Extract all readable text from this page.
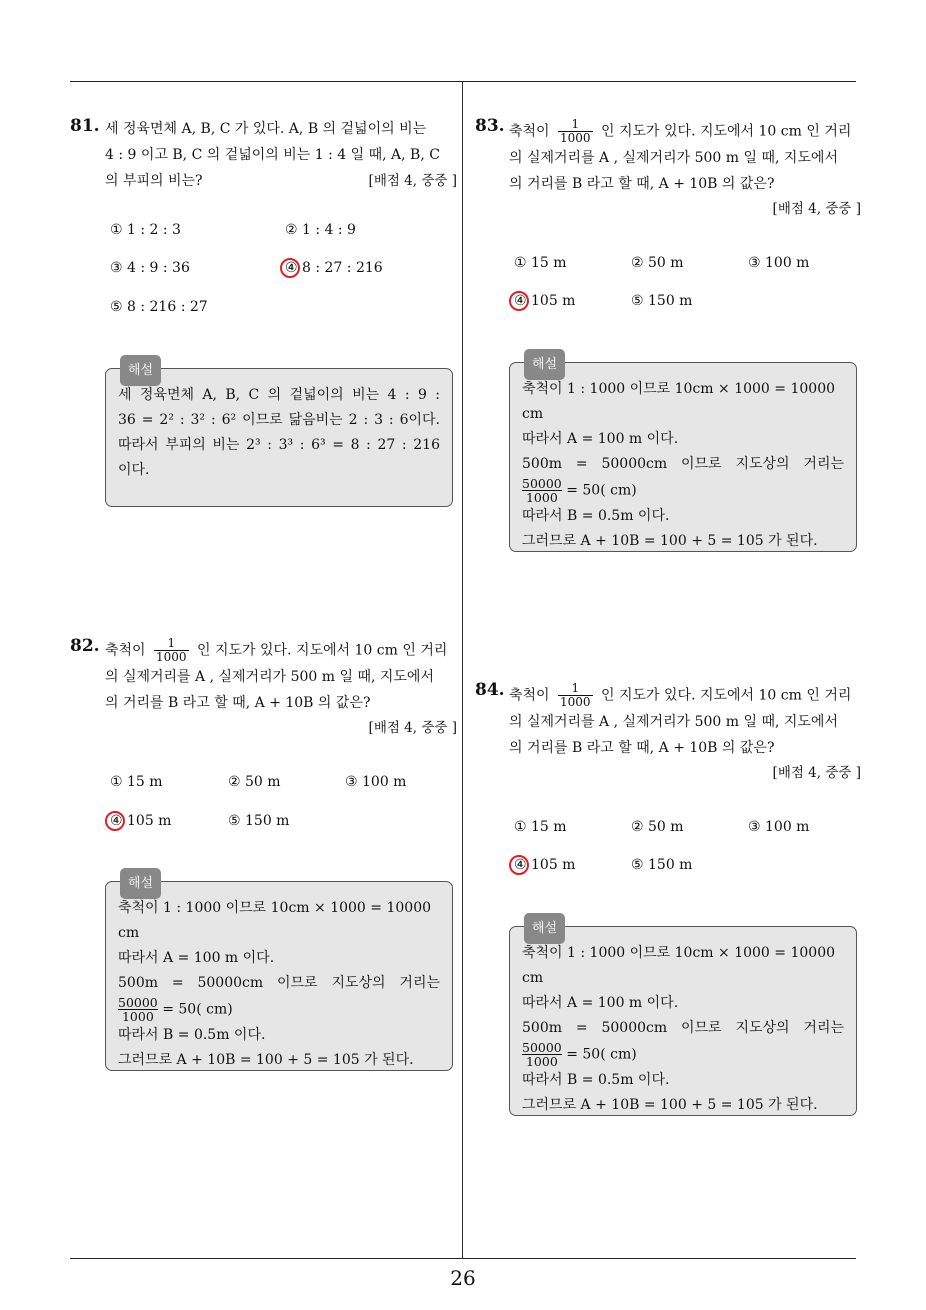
26
81. 세 정육면체 A, B, C 가 있다. A, B 의 겉넓이의 비는
4 : 9 이고 B, C 의 겉넓이의 비는 1 : 4 일 때, A, B, C
의 부피의 비는?	[배점 4, 중중 ]
① 1 : 2 : 3	② 1 : 4 : 9
③ 4 : 9 : 36	④ 8 : 27 : 216
⑤ 8 : 216 : 27
해설

세 정육면체 A, B, C 의 겉넓이의 비는 4 : 9 :

36 = 2² : 3² : 6² 이므로 닮음비는 2 : 3 : 6이다.

따라서 부피의 비는 2³ : 3³ : 6³ = 8 : 27 : 216

이다.

82. 축척이 $\frac{1}{1000}$ 인 지도가 있다. 지도에서 10 cm 인 거리
의 실제거리를 A , 실제거리가 500 m 일 때, 지도에서
의 거리를 B 라고 할 때, A + 10B 의 값은?
[배점 4, 중중 ]
① 15 m	② 50 m	③ 100 m
④ 105 m	⑤ 150 m
해설

축척이 1 : 1000 이므로 10cm × 1000 = 10000 cm

따라서 A = 100 m 이다.

500m = 50000cm 이므로 지도상의 거리는

$\frac{50000}{1000} = 50$( cm)

따라서 B = 0.5m 이다.

그러므로 A + 10B = 100 + 5 = 105 가 된다.

83. 축척이 $\frac{1}{1000}$ 인 지도가 있다. 지도에서 10 cm 인 거리
의 실제거리를 A , 실제거리가 500 m 일 때, 지도에서
의 거리를 B 라고 할 때, A + 10B 의 값은?
[배점 4, 중중 ]
① 15 m	② 50 m	③ 100 m
④ 105 m	⑤ 150 m
해설

축척이 1 : 1000 이므로 10cm × 1000 = 10000 cm

따라서 A = 100 m 이다.

500m = 50000cm 이므로 지도상의 거리는

$\frac{50000}{1000} = 50$( cm)

따라서 B = 0.5m 이다.

그러므로 A + 10B = 100 + 5 = 105 가 된다.

84. 축척이 $\frac{1}{1000}$ 인 지도가 있다. 지도에서 10 cm 인 거리
의 실제거리를 A , 실제거리가 500 m 일 때, 지도에서
의 거리를 B 라고 할 때, A + 10B 의 값은?
[배점 4, 중중 ]
① 15 m	② 50 m	③ 100 m
④ 105 m	⑤ 150 m
해설

축척이 1 : 1000 이므로 10cm × 1000 = 10000 cm

따라서 A = 100 m 이다.

500m = 50000cm 이므로 지도상의 거리는

$\frac{50000}{1000} = 50$( cm)

따라서 B = 0.5m 이다.

그러므로 A + 10B = 100 + 5 = 105 가 된다.
